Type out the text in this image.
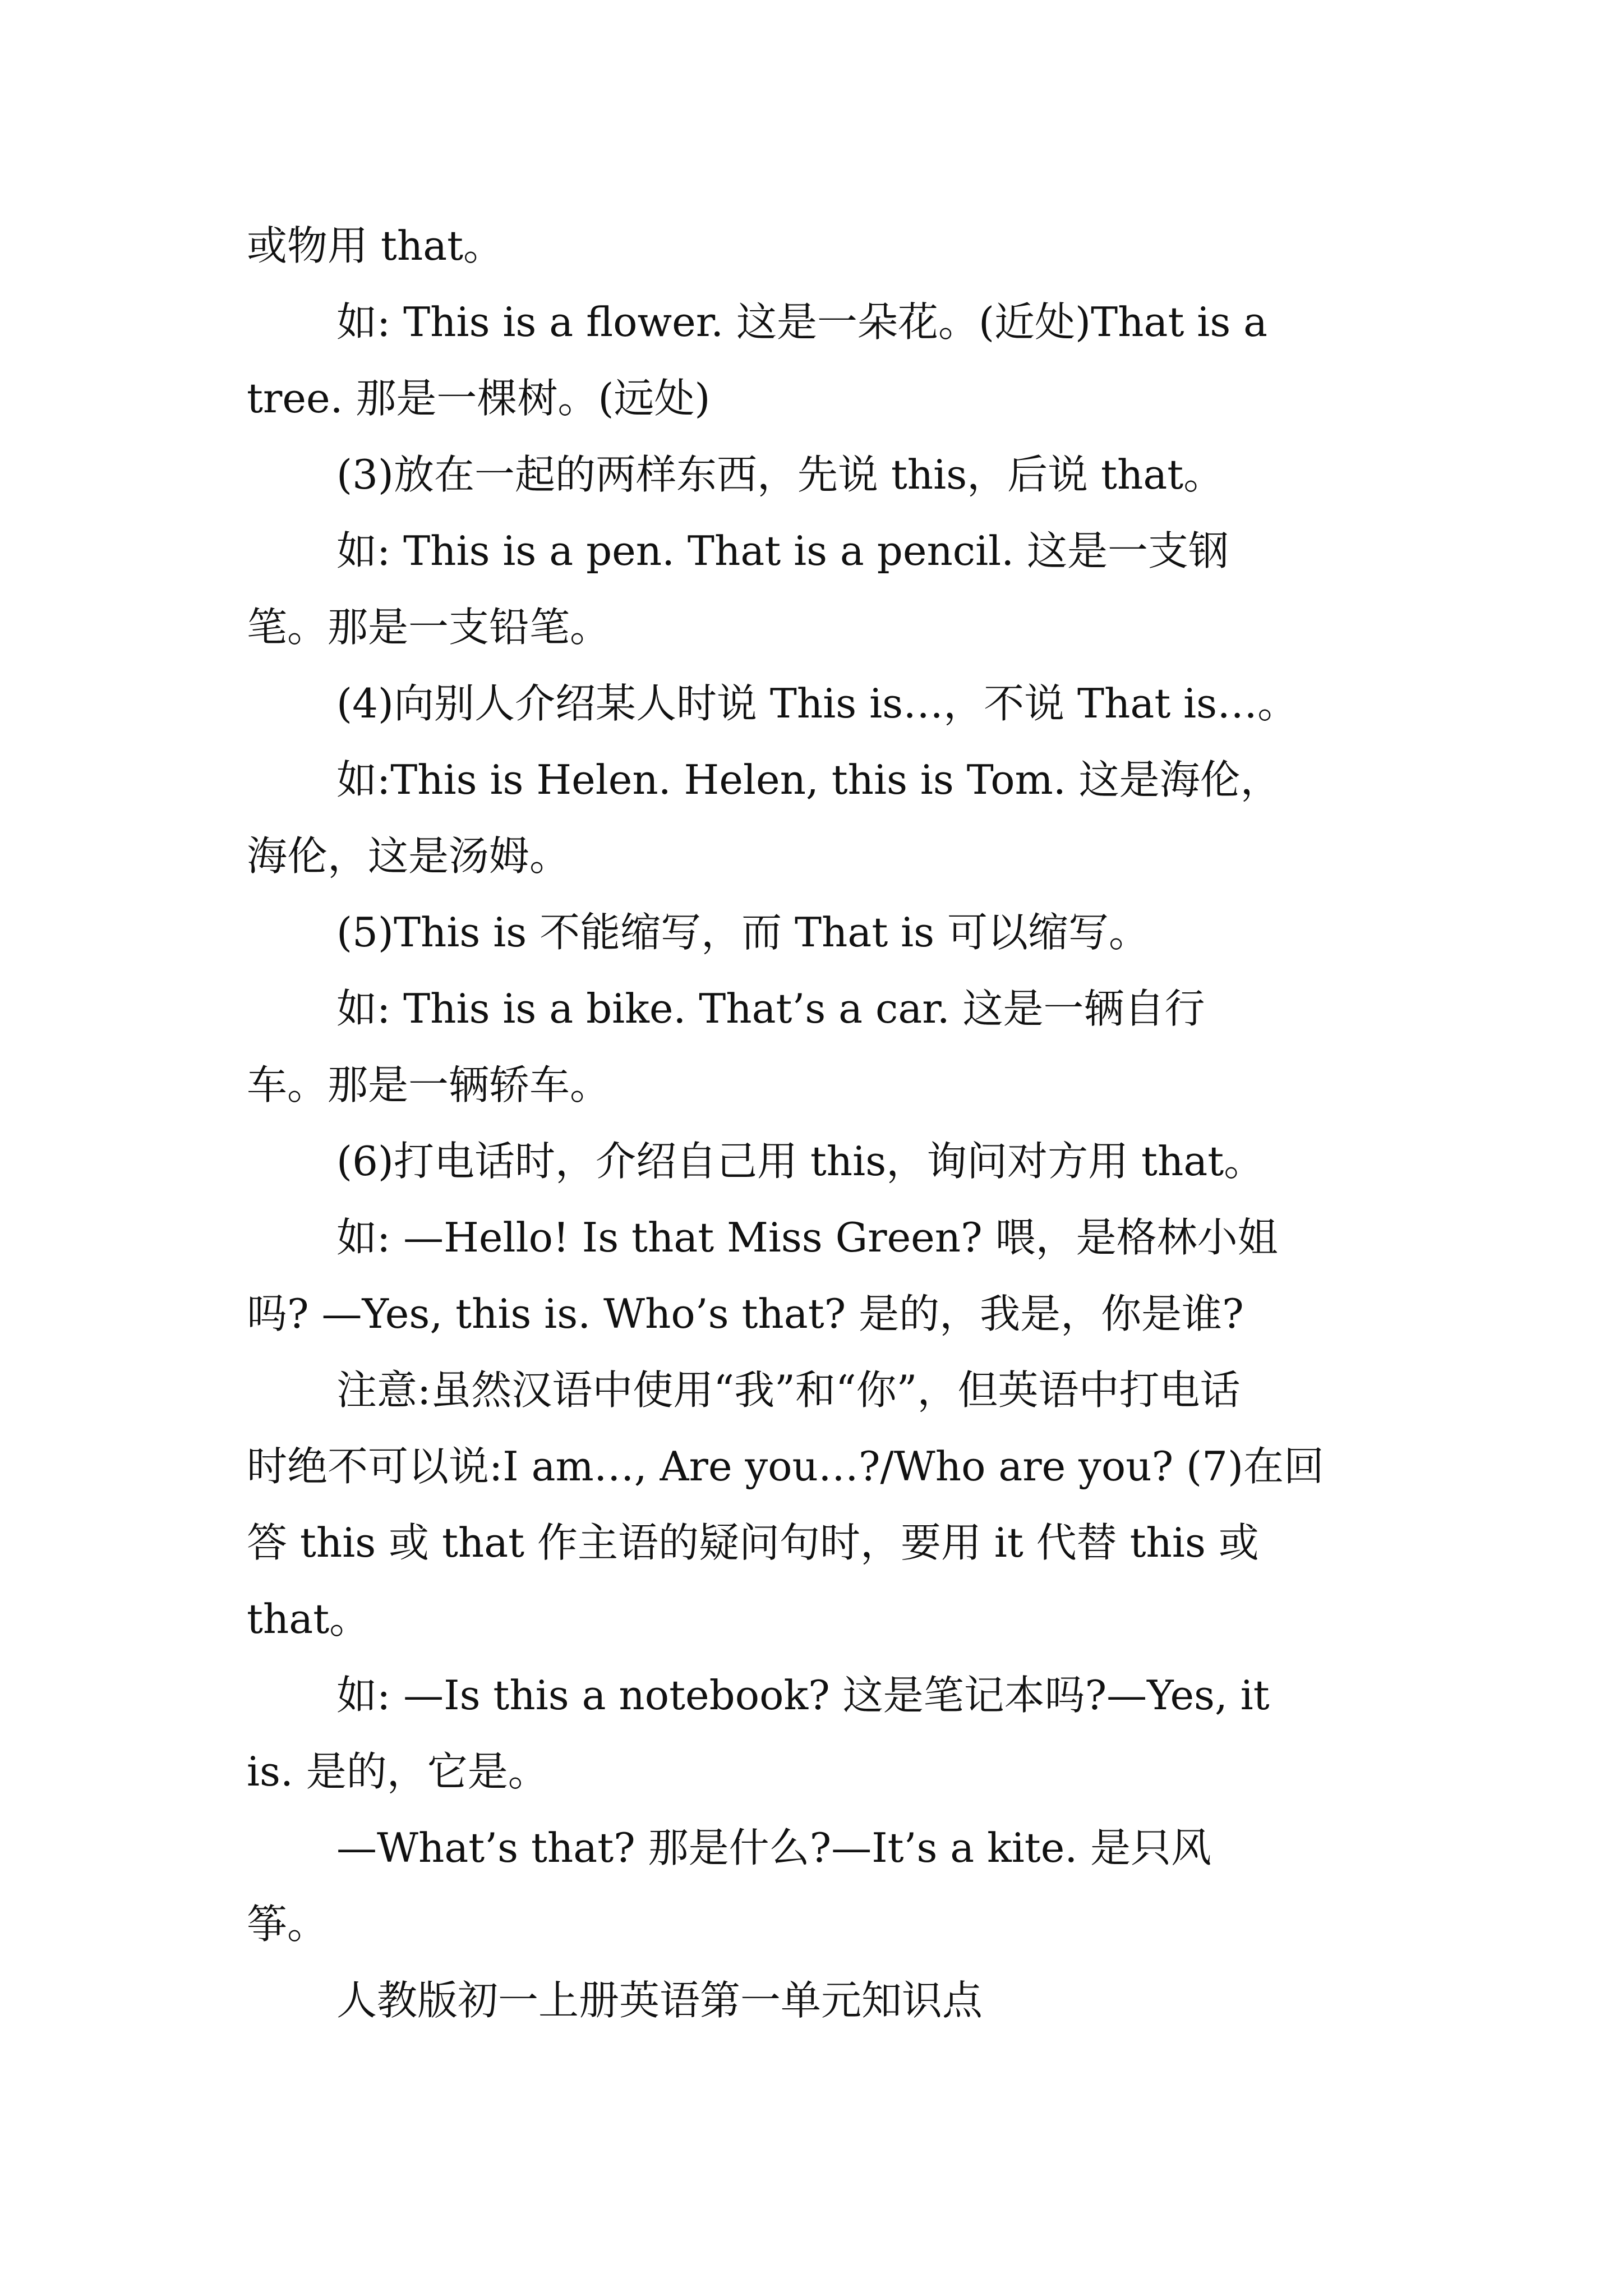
或物用 that。
如: This is a flower. 这是一朵花。(近处)That is a
tree. 那是一棵树。(远处)
(3)放在一起的两样东西，先说 this，后说 that。
如: This is a pen. That is a pencil. 这是一支钢
笔。那是一支铅笔。
(4)向别人介绍某人时说 This is…，不说 That is…。
如:This is Helen. Helen, this is Tom. 这是海伦，
海伦，这是汤姆。
(5)This is 不能缩写，而 That is 可以缩写。
如: This is a bike. That’s a car. 这是一辆自行
车。那是一辆轿车。
(6)打电话时，介绍自己用 this，询问对方用 that。
如: —Hello! Is that Miss Green? 喂，是格林小姐
吗? —Yes, this is. Who’s that? 是的，我是，你是谁?
注意:虽然汉语中使用“我”和“你”，但英语中打电话
时绝不可以说:I am…, Are you…?/Who are you? (7)在回
答 this 或 that 作主语的疑问句时，要用 it 代替 this 或
that。
如: —Is this a notebook? 这是笔记本吗?—Yes, it
is. 是的，它是。
—What’s that? 那是什么?—It’s a kite. 是只风
筝。
人教版初一上册英语第一单元知识点
